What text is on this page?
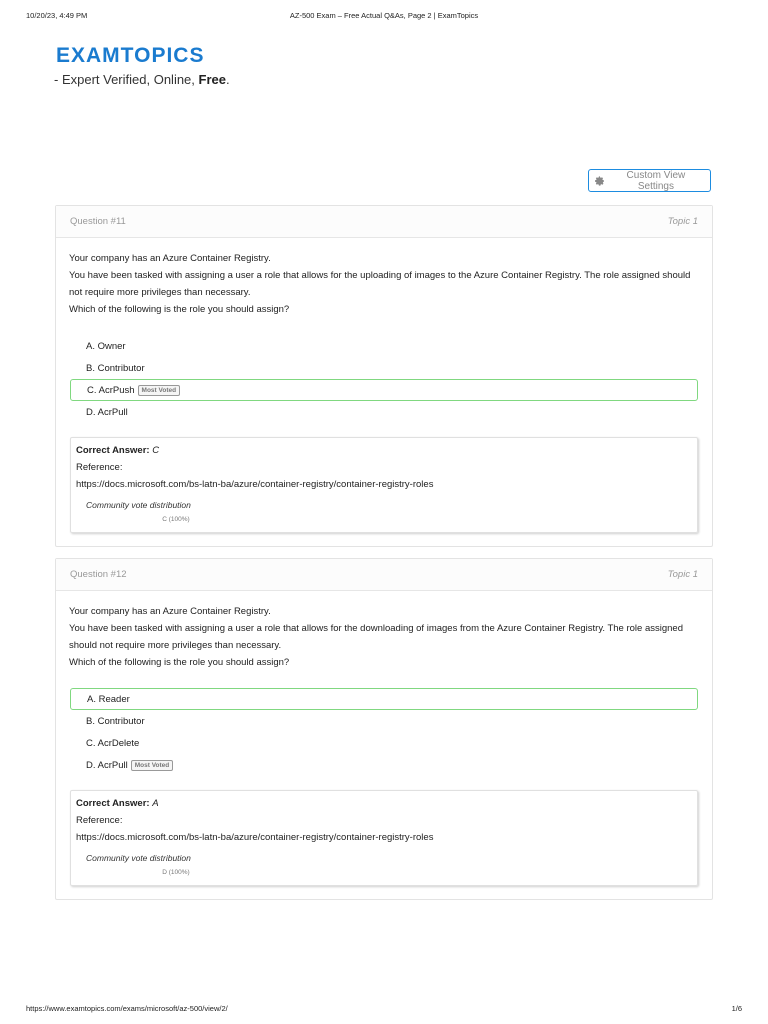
10/20/23, 4:49 PM	AZ-500 Exam – Free Actual Q&As, Page 2 | ExamTopics
EXAMTOPICS
- Expert Verified, Online, Free.
Custom View Settings
Question #11	Topic 1
Your company has an Azure Container Registry.
You have been tasked with assigning a user a role that allows for the uploading of images to the Azure Container Registry. The role assigned should not require more privileges than necessary.
Which of the following is the role you should assign?
A. Owner
B. Contributor
C. AcrPush	Most Voted
D. AcrPull
Correct Answer: C
Reference:
https://docs.microsoft.com/bs-latn-ba/azure/container-registry/container-registry-roles
Community vote distribution
C (100%)
Question #12	Topic 1
Your company has an Azure Container Registry.
You have been tasked with assigning a user a role that allows for the downloading of images from the Azure Container Registry. The role assigned should not require more privileges than necessary.
Which of the following is the role you should assign?
A. Reader
B. Contributor
C. AcrDelete
D. AcrPull	Most Voted
Correct Answer: A
Reference:
https://docs.microsoft.com/bs-latn-ba/azure/container-registry/container-registry-roles
Community vote distribution
D (100%)
https://www.examtopics.com/exams/microsoft/az-500/view/2/	1/6
